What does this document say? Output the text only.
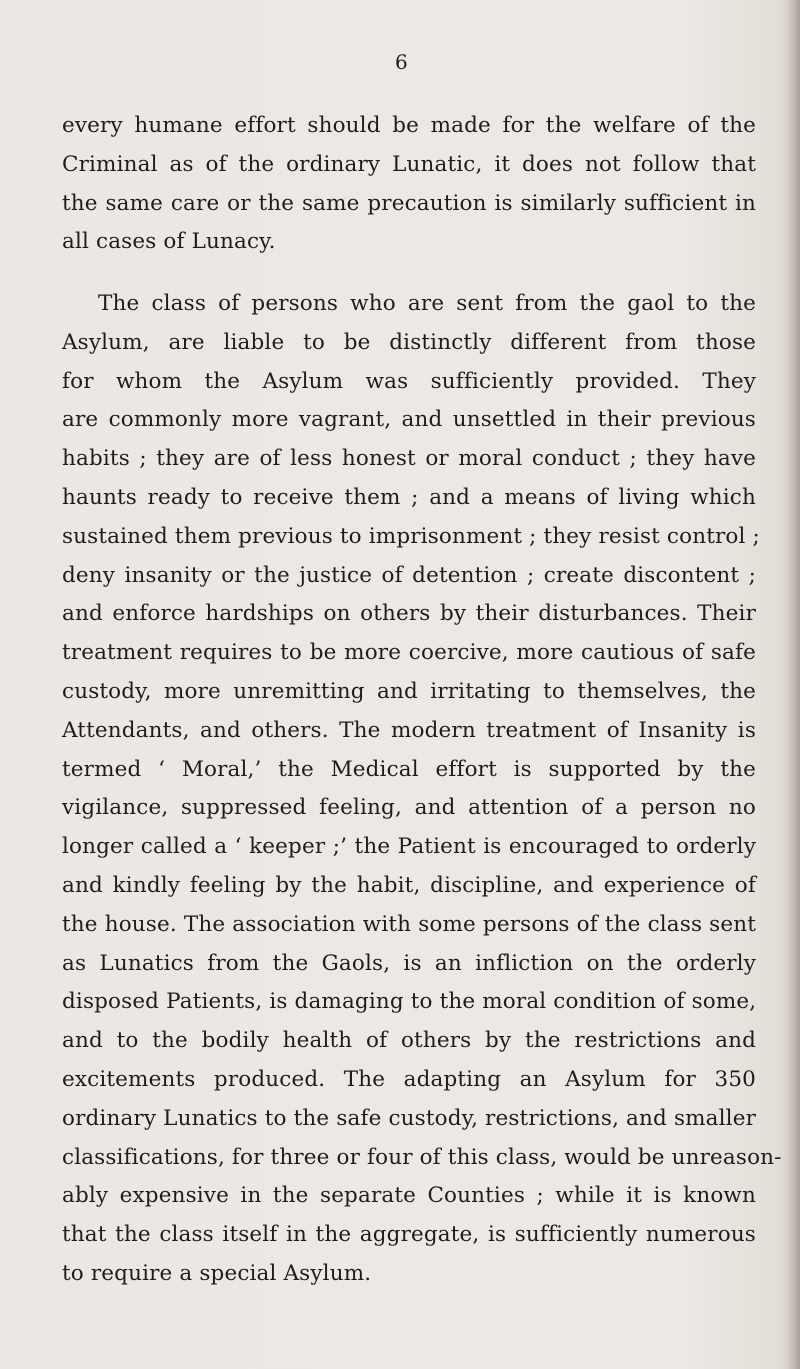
6
every humane effort should be made for the welfare of the
Criminal as of the ordinary Lunatic, it does not follow that
the same care or the same precaution is similarly sufficient in
all cases of Lunacy.
The class of persons who are sent from the gaol to the
Asylum, are liable to be distinctly different from those
for whom the Asylum was sufficiently provided. They
are commonly more vagrant, and unsettled in their previous
habits ; they are of less honest or moral conduct ; they have
haunts ready to receive them ; and a means of living which
sustained them previous to imprisonment ; they resist control ;
deny insanity or the justice of detention ; create discontent ;
and enforce hardships on others by their disturbances. Their
treatment requires to be more coercive, more cautious of safe
custody, more unremitting and irritating to themselves, the
Attendants, and others. The modern treatment of Insanity is
termed ‘ Moral,’ the Medical effort is supported by the
vigilance, suppressed feeling, and attention of a person no
longer called a ‘ keeper ;’ the Patient is encouraged to orderly
and kindly feeling by the habit, discipline, and experience of
the house. The association with some persons of the class sent
as Lunatics from the Gaols, is an infliction on the orderly
disposed Patients, is damaging to the moral condition of some,
and to the bodily health of others by the restrictions and
excitements produced. The adapting an Asylum for 350
ordinary Lunatics to the safe custody, restrictions, and smaller
classifications, for three or four of this class, would be unreason-
ably expensive in the separate Counties ; while it is known
that the class itself in the aggregate, is sufficiently numerous
to require a special Asylum.
